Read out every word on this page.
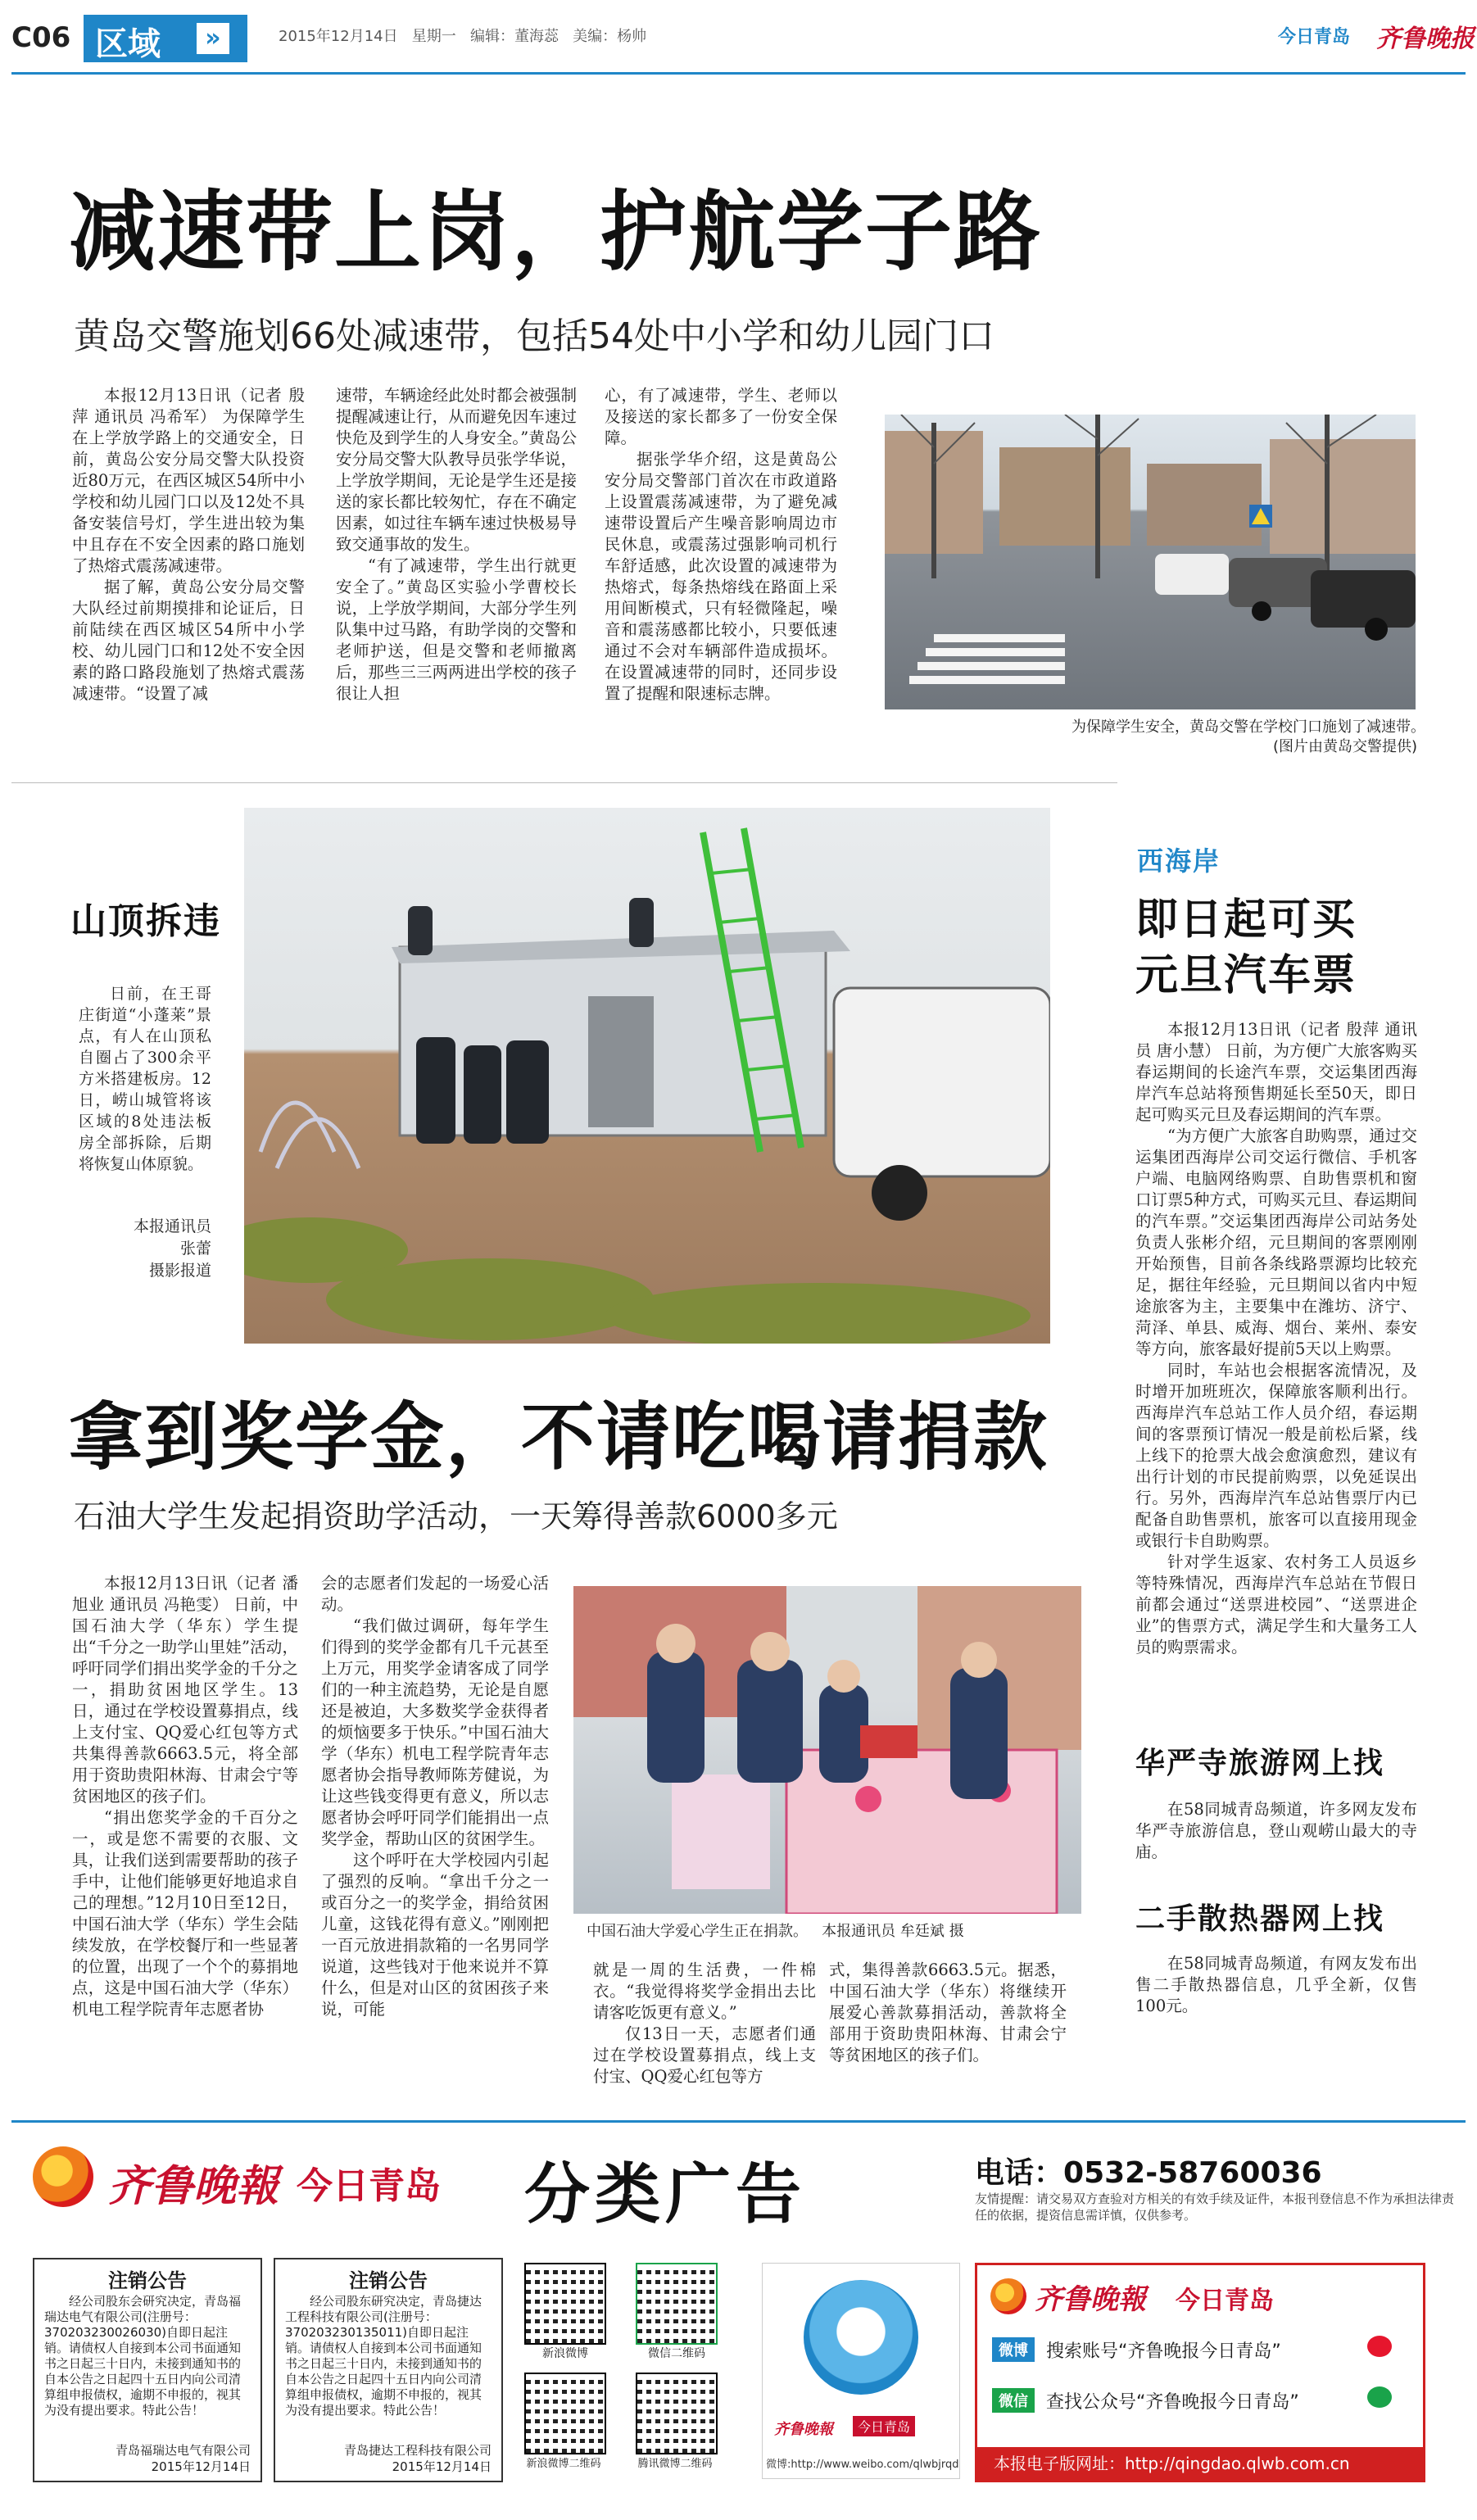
C06 区域	»	2015年12月14日 星期一 编辑：董海蕊 美编：杨帅	今日青岛 齐鲁晚报
减速带上岗，护航学子路
黄岛交警施划66处减速带，包括54处中小学和幼儿园门口

本报12月13日讯（记者 殷萍 通讯员 冯希军） 为保障学生在上学放学路上的交通安全，日前，黄岛公安分局交警大队投资近80万元，在西区城区54所中小学校和幼儿园门口以及12处不具备安装信号灯，学生进出较为集中且存在不安全因素的路口施划了热熔式震荡减速带。

据了解，黄岛公安分局交警大队经过前期摸排和论证后，日前陆续在西区城区54所中小学校、幼儿园门口和12处不安全因素的路口路段施划了热熔式震荡减速带。“设置了减

速带，车辆途经此处时都会被强制提醒减速让行，从而避免因车速过快危及到学生的人身安全。”黄岛公安分局交警大队教导员张学华说，上学放学期间，无论是学生还是接送的家长都比较匆忙，存在不确定因素，如过往车辆车速过快极易导致交通事故的发生。

“有了减速带，学生出行就更安全了。”黄岛区实验小学曹校长说，上学放学期间，大部分学生列队集中过马路，有助学岗的交警和老师护送，但是交警和老师撤离后，那些三三两两进出学校的孩子很让人担

心，有了减速带，学生、老师以及接送的家长都多了一份安全保障。

据张学华介绍，这是黄岛公安分局交警部门首次在市政道路上设置震荡减速带，为了避免减速带设置后产生噪音影响周边市民休息，或震荡过强影响司机行车舒适感，此次设置的减速带为热熔式，每条热熔线在路面上采用间断模式，只有轻微隆起，噪音和震荡感都比较小，只要低速通过不会对车辆部件造成损坏。在设置减速带的同时，还同步设置了提醒和限速标志牌。

为保障学生安全，黄岛交警在学校门口施划了减速带。
(图片由黄岛交警提供)
山顶拆违

日前，在王哥庄街道“小蓬莱”景点，有人在山顶私自圈占了300余平方米搭建板房。12日，崂山城管将该区域的8处违法板房全部拆除，后期将恢复山体原貌。

本报通讯员
张蕾
摄影报道
西海岸
即日起可买
元旦汽车票

本报12月13日讯（记者 殷萍 通讯员 唐小慧） 日前，为方便广大旅客购买春运期间的长途汽车票，交运集团西海岸汽车总站将预售期延长至50天，即日起可购买元旦及春运期间的汽车票。

“为方便广大旅客自助购票，通过交运集团西海岸公司交运行微信、手机客户端、电脑网络购票、自助售票机和窗口订票5种方式，可购买元旦、春运期间的汽车票。”交运集团西海岸公司站务处负责人张彬介绍，元旦期间的客票刚刚开始预售，目前各条线路票源均比较充足，据往年经验，元旦期间以省内中短途旅客为主，主要集中在潍坊、济宁、菏泽、单县、威海、烟台、莱州、泰安等方向，旅客最好提前5天以上购票。

同时，车站也会根据客流情况，及时增开加班班次，保障旅客顺利出行。西海岸汽车总站工作人员介绍，春运期间的客票预订情况一般是前松后紧，线上线下的抢票大战会愈演愈烈，建议有出行计划的市民提前购票，以免延误出行。另外，西海岸汽车总站售票厅内已配备自助售票机，旅客可以直接用现金或银行卡自助购票。

针对学生返家、农村务工人员返乡等特殊情况，西海岸汽车总站在节假日前都会通过“送票进校园”、“送票进企业”的售票方式，满足学生和大量务工人员的购票需求。

华严寺旅游网上找

在58同城青岛频道，许多网友发布华严寺旅游信息，登山观崂山最大的寺庙。

二手散热器网上找

在58同城青岛频道，有网友发布出售二手散热器信息，几乎全新，仅售100元。

拿到奖学金，不请吃喝请捐款
石油大学生发起捐资助学活动，一天筹得善款6000多元

本报12月13日讯（记者 潘旭业 通讯员 冯艳雯） 日前，中国石油大学（华东）学生提出“千分之一助学山里娃”活动，呼吁同学们捐出奖学金的千分之一，捐助贫困地区学生。13日，通过在学校设置募捐点，线上支付宝、QQ爱心红包等方式共集得善款6663.5元，将全部用于资助贵阳林海、甘肃会宁等贫困地区的孩子们。

“捐出您奖学金的千百分之一，或是您不需要的衣服、文具，让我们送到需要帮助的孩子手中，让他们能够更好地追求自己的理想。”12月10日至12日，中国石油大学（华东）学生会陆续发放，在学校餐厅和一些显著的位置，出现了一个个的募捐地点，这是中国石油大学（华东）机电工程学院青年志愿者协

会的志愿者们发起的一场爱心活动。

“我们做过调研，每年学生们得到的奖学金都有几千元甚至上万元，用奖学金请客成了同学们的一种主流趋势，无论是自愿还是被迫，大多数奖学金获得者的烦恼要多于快乐。”中国石油大学（华东）机电工程学院青年志愿者协会指导教师陈芳健说，为让这些钱变得更有意义，所以志愿者协会呼吁同学们能捐出一点奖学金，帮助山区的贫困学生。

这个呼吁在大学校园内引起了强烈的反响。“拿出千分之一或百分之一的奖学金，捐给贫困儿童，这钱花得有意义。”刚刚把一百元放进捐款箱的一名男同学说道，这些钱对于他来说并不算什么，但是对山区的贫困孩子来说，可能

中国石油大学爱心学生正在捐款。 本报通讯员 牟廷斌 摄

就是一周的生活费，一件棉衣。“我觉得将奖学金捐出去比请客吃饭更有意义。”

仅13日一天，志愿者们通过在学校设置募捐点，线上支付宝、QQ爱心红包等方

式，集得善款6663.5元。据悉，中国石油大学（华东）将继续开展爱心善款募捐活动，善款将全部用于资助贵阳林海、甘肃会宁等贫困地区的孩子们。

齐鲁晚報 今日青岛 分类广告	电话：0532-58760036
友情提醒：请交易双方查验对方相关的有效手续及证件，本报刊登信息不作为承担法律责任的依据，提资信息需详慎，仅供参考。
注销公告
经公司股东会研究决定，青岛福瑞达电气有限公司(注册号：370203230026030)自即日起注销。请债权人自接到本公司书面通知书之日起三十日内，未接到通知书的自本公告之日起四十五日内向公司清算组申报债权，逾期不申报的，视其为没有提出要求。特此公告！
青岛福瑞达电气有限公司
2015年12月14日
注销公告
经公司股东研究决定，青岛捷达工程科技有限公司(注册号：370203230135011)自即日起注销。请债权人自接到本公司书面通知书之日起三十日内，未接到通知书的自本公告之日起四十五日内向公司清算组申报债权，逾期不申报的，视其为没有提出要求。特此公告！
青岛捷达工程科技有限公司
2015年12月14日
新浪微博	微信二维码
新浪微博二维码	腾讯微博二维码
齐鲁晚報	今日青岛
微博:http://www.weibo.com/qlwbjrqd
齐鲁晚報 今日青岛
微博	搜索账号“齐鲁晚报今日青岛”
微信	查找公众号“齐鲁晚报今日青岛”
本报电子版网址：http://qingdao.qlwb.com.cn
